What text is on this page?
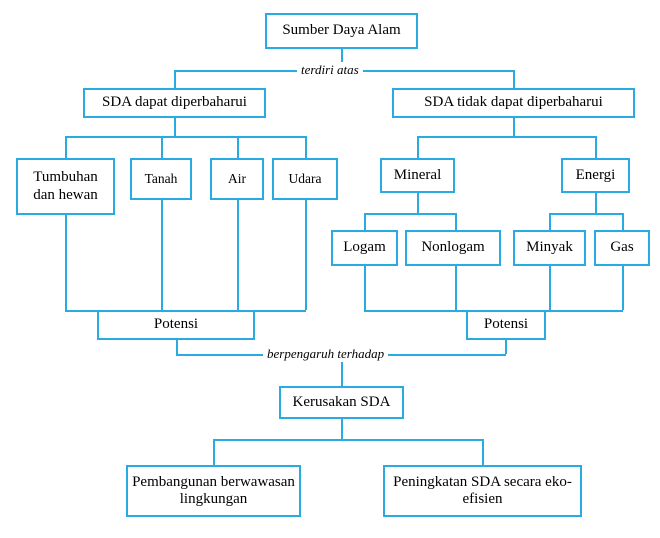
terdiri atas
berpengaruh terhadap
Sumber Daya Alam
SDA dapat diperbaharui	SDA tidak dapat diperbaharui
Tumbuhan dan hewan
Tanah	Air	Udara	Mineral	Energi
Logam	Nonlogam	Minyak	Gas
Potensi	Potensi
Kerusakan SDA
Pembangunan berwawasan lingkungan
Peningkatan SDA secara eko-efisien
